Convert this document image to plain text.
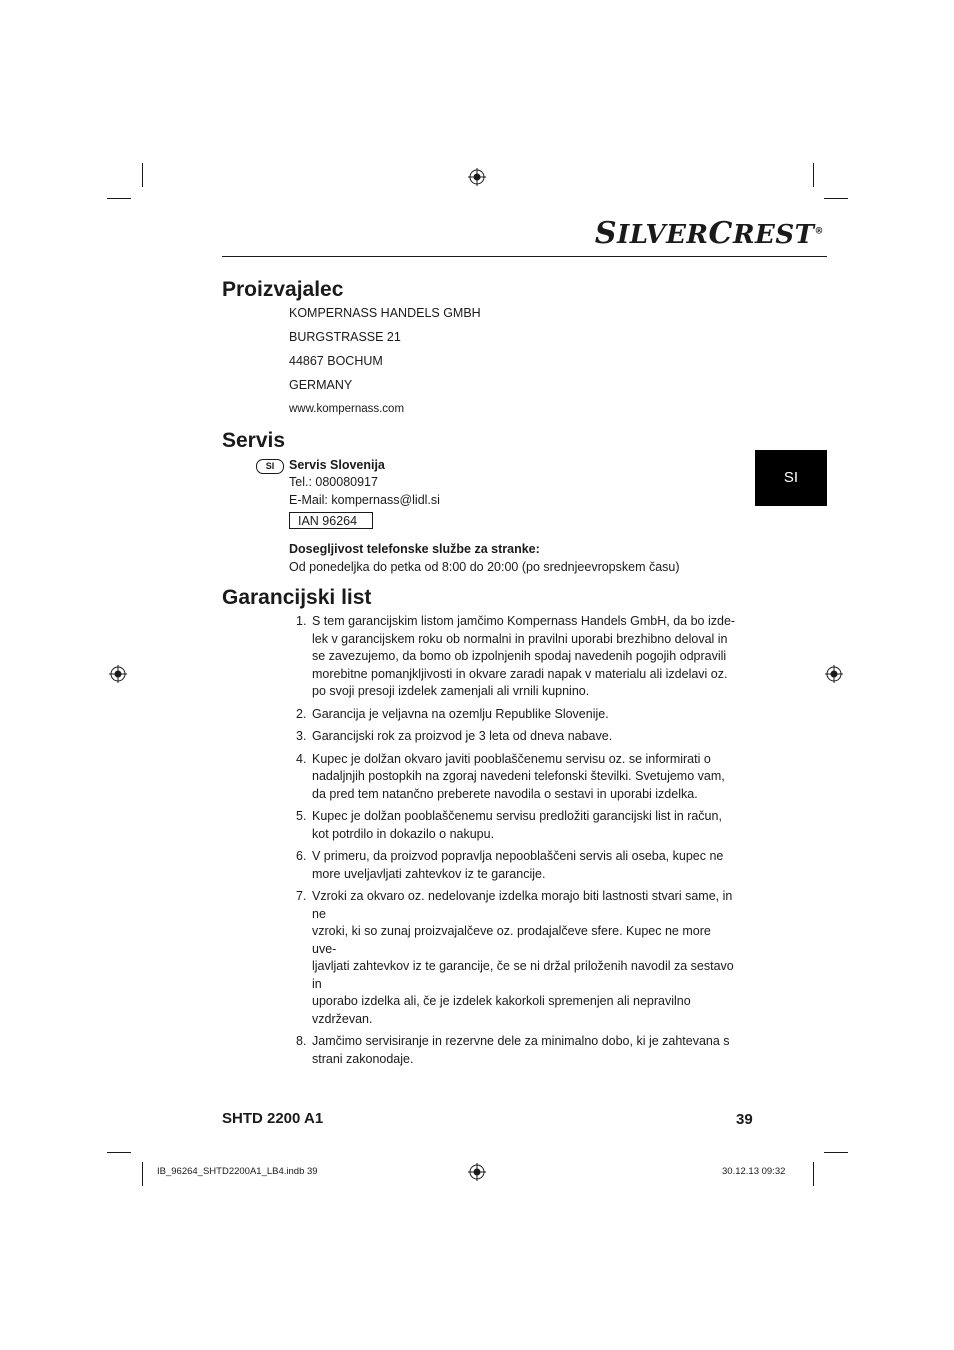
SILVERCREST®
SI
Proizvajalec
KOMPERNASS HANDELS GMBH
BURGSTRASSE 21
44867 BOCHUM
GERMANY
www.kompernass.com
Servis
SI	Servis Slovenija
Tel.: 080080917
E-Mail: kompernass@lidl.si
IAN 96264
Dosegljivost telefonske službe za stranke:
Od ponedeljka do petka od 8:00 do 20:00 (po srednjeevropskem času)
Garancijski list
1. S tem garancijskim listom jamčimo Kompernass Handels GmbH, da bo izde-
lek v garancijskem roku ob normalni in pravilni uporabi brezhibno deloval in
se zavezujemo, da bomo ob izpolnjenih spodaj navedenih pogojih odpravili
morebitne pomanjkljivosti in okvare zaradi napak v materialu ali izdelavi oz.
po svoji presoji izdelek zamenjali ali vrnili kupnino.
2. Garancija je veljavna na ozemlju Republike Slovenije.
3. Garancijski rok za proizvod je 3 leta od dneva nabave.
4. Kupec je dolžan okvaro javiti pooblaščenemu servisu oz. se informirati o
nadaljnjih postopkih na zgoraj navedeni telefonski številki. Svetujemo vam,
da pred tem natančno preberete navodila o sestavi in uporabi izdelka.
5. Kupec je dolžan pooblaščenemu servisu predložiti garancijski list in račun,
kot potrdilo in dokazilo o nakupu.
6. V primeru, da proizvod popravlja nepooblaščeni servis ali oseba, kupec ne
more uveljavljati zahtevkov iz te garancije.
7. Vzroki za okvaro oz. nedelovanje izdelka morajo biti lastnosti stvari same, in ne
vzroki, ki so zunaj proizvajalčeve oz. prodajalčeve sfere. Kupec ne more uve-
ljavljati zahtevkov iz te garancije, če se ni držal priloženih navodil za sestavo in
uporabo izdelka ali, če je izdelek kakorkoli spremenjen ali nepravilno vzdrževan.
8. Jamčimo servisiranje in rezervne dele za minimalno dobo, ki je zahtevana s
strani zakonodaje.
SHTD 2200 A1	39
IB_96264_SHTD2200A1_LB4.indb 39	30.12.13 09:32
